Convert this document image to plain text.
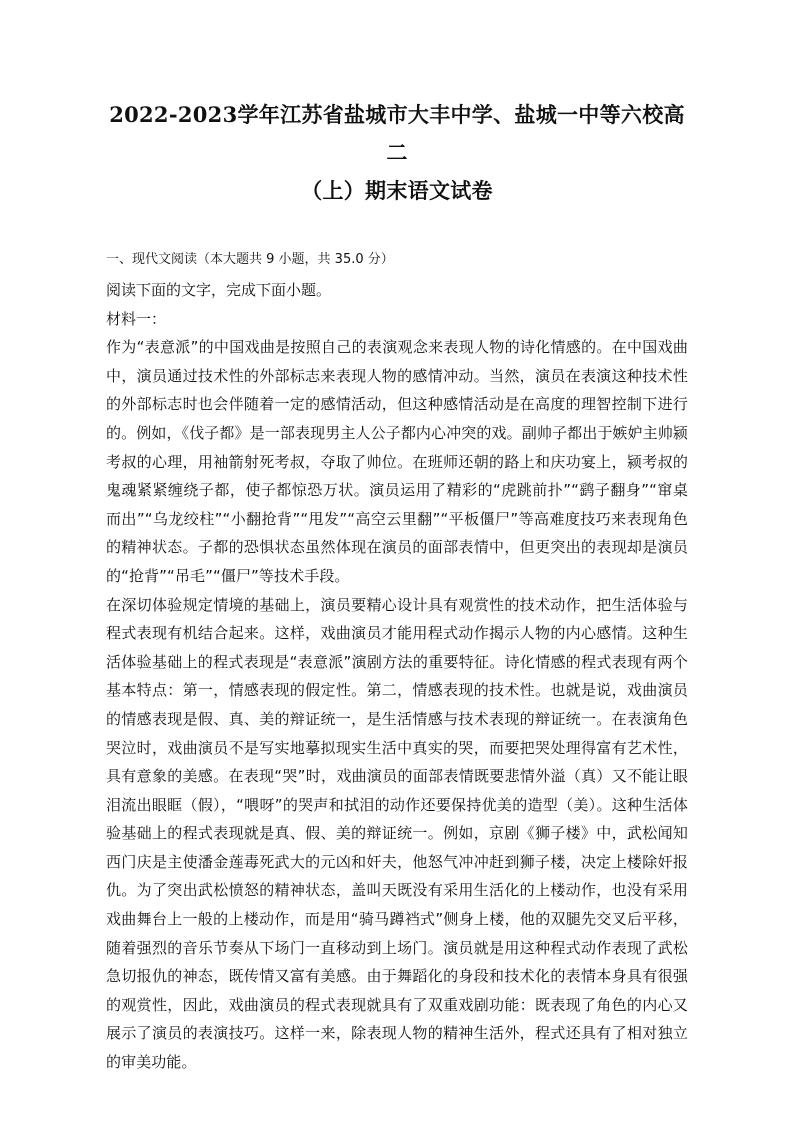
2022-2023学年江苏省盐城市大丰中学、盐城一中等六校高二

（上）期末语文试卷
一、现代文阅读（本大题共 9 小题，共 35.0 分）

阅读下面的文字，完成下面小题。

材料一：

作为“表意派”的中国戏曲是按照自己的表演观念来表现人物的诗化情感的。在中国戏曲中，演员通过技术性的外部标志来表现人物的感情冲动。当然，演员在表演这种技术性的外部标志时也会伴随着一定的感情活动，但这种感情活动是在高度的理智控制下进行的。例如，《伐子都》是一部表现男主人公子都内心冲突的戏。副帅子都出于嫉妒主帅颍考叔的心理，用袖箭射死考叔，夺取了帅位。在班师还朝的路上和庆功宴上，颍考叔的鬼魂紧紧缠绕子都，使子都惊恐万状。演员运用了精彩的“虎跳前扑”“鹞子翻身”“窜桌而出”“乌龙绞柱”“小翻抢背”“甩发”“高空云里翻”“平板僵尸”等高难度技巧来表现角色的精神状态。子都的恐惧状态虽然体现在演员的面部表情中，但更突出的表现却是演员的“抢背”“吊毛”“僵尸”等技术手段。

在深切体验规定情境的基础上，演员要精心设计具有观赏性的技术动作，把生活体验与程式表现有机结合起来。这样，戏曲演员才能用程式动作揭示人物的内心感情。这种生活体验基础上的程式表现是“表意派”演剧方法的重要特征。诗化情感的程式表现有两个基本特点：第一，情感表现的假定性。第二，情感表现的技术性。也就是说，戏曲演员的情感表现是假、真、美的辩证统一，是生活情感与技术表现的辩证统一。在表演角色哭泣时，戏曲演员不是写实地摹拟现实生活中真实的哭，而要把哭处理得富有艺术性，具有意象的美感。在表现“哭”时，戏曲演员的面部表情既要悲情外溢（真）又不能让眼泪流出眼眶（假），“喂呀”的哭声和拭泪的动作还要保持优美的造型（美）。这种生活体验基础上的程式表现就是真、假、美的辩证统一。例如，京剧《狮子楼》中，武松闻知西门庆是主使潘金莲毒死武大的元凶和奸夫，他怒气冲冲赶到狮子楼，决定上楼除奸报仇。为了突出武松愤怒的精神状态，盖叫天既没有采用生活化的上楼动作，也没有采用戏曲舞台上一般的上楼动作，而是用“骑马蹲裆式”侧身上楼，他的双腿先交叉后平移，随着强烈的音乐节奏从下场门一直移动到上场门。演员就是用这种程式动作表现了武松急切报仇的神态，既传情又富有美感。由于舞蹈化的身段和技术化的表情本身具有很强的观赏性，因此，戏曲演员的程式表现就具有了双重戏剧功能：既表现了角色的内心又展示了演员的表演技巧。这样一来，除表现人物的精神生活外，程式还具有了相对独立的审美功能。
